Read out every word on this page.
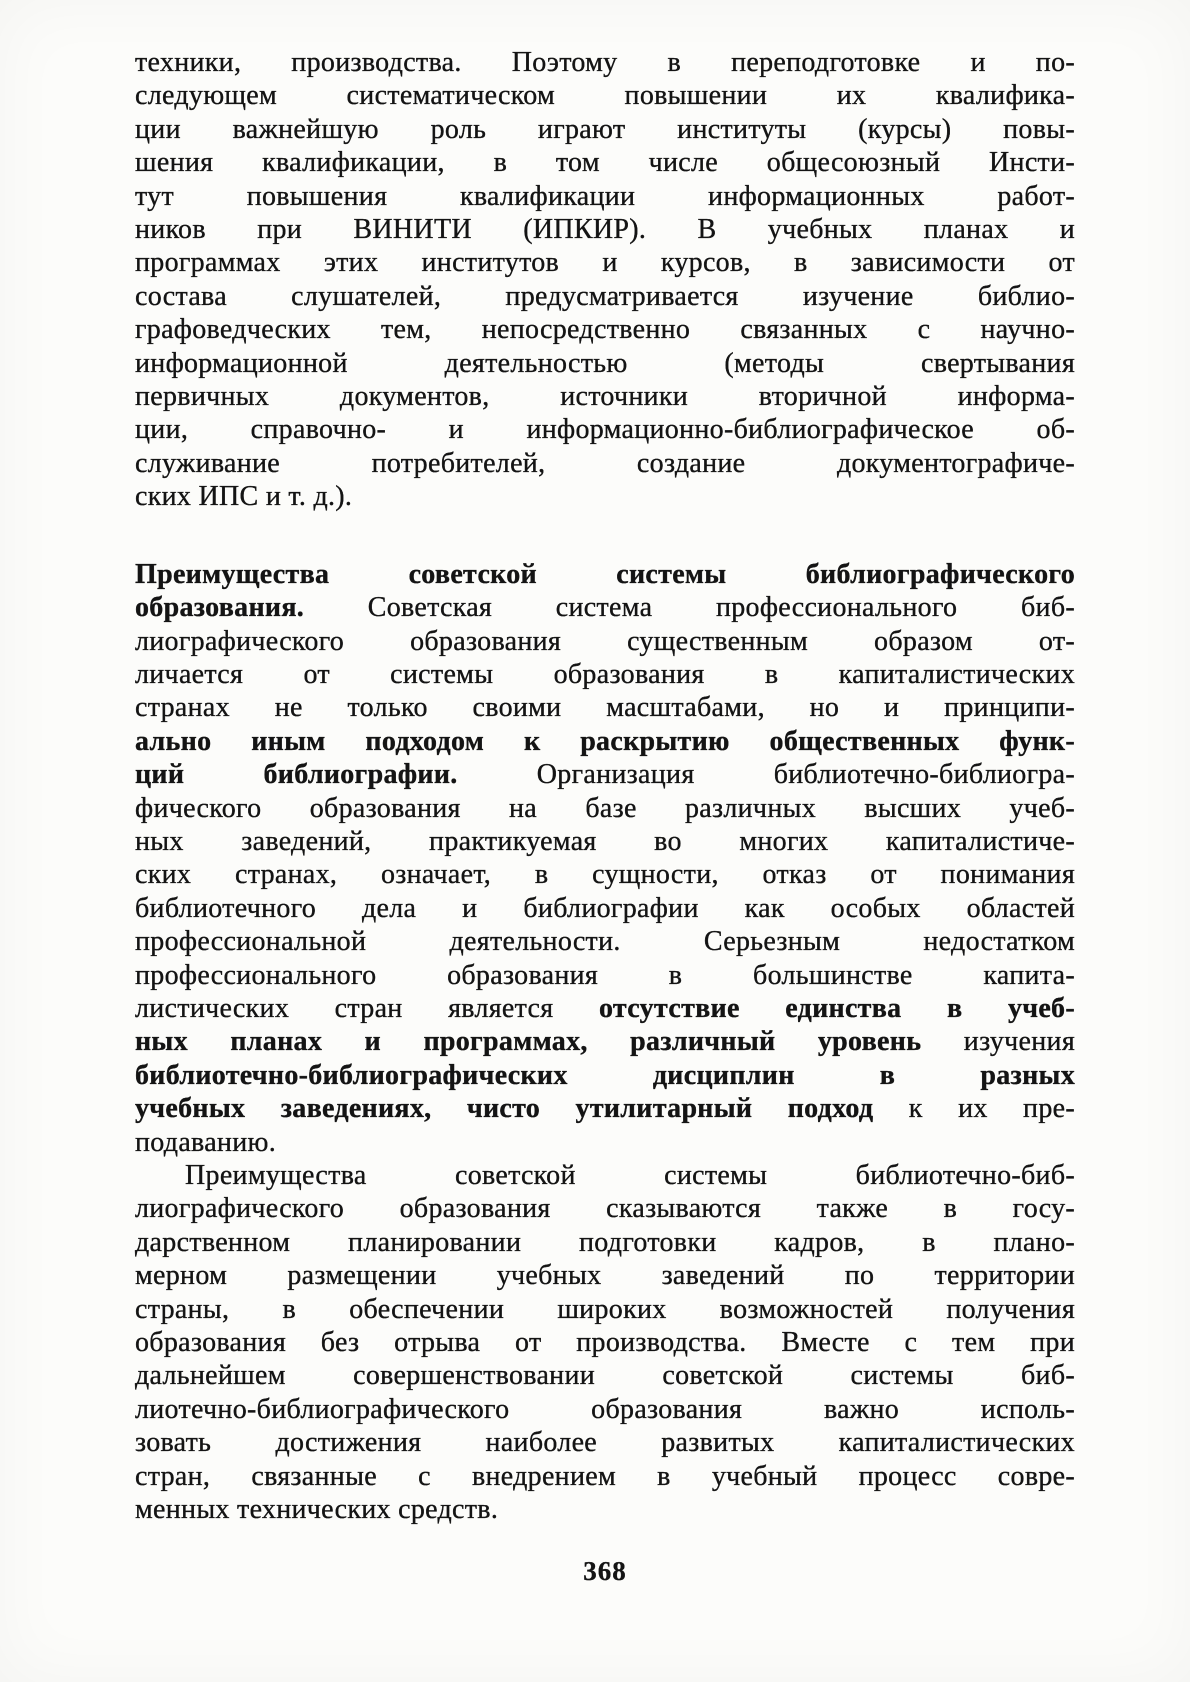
техники, производства. Поэтому в переподготовке и по-
следующем систематическом повышении их квалифика-
ции важнейшую роль играют институты (курсы) повы-
шения квалификации, в том числе общесоюзный Инсти-
тут повышения квалификации информационных работ-
ников при ВИНИТИ (ИПКИР). В учебных планах и
программах этих институтов и курсов, в зависимости от
состава слушателей, предусматривается изучение библио-
графоведческих тем, непосредственно связанных с научно-
информационной деятельностью (методы свертывания
первичных документов, источники вторичной информа-
ции, справочно- и информационно-библиографическое об-
служивание потребителей, создание документографиче-
ских ИПС и т. д.).
Преимущества советской системы библиографического
образования. Советская система профессионального биб-
лиографического образования существенным образом от-
личается от системы образования в капиталистических
странах не только своими масштабами, но и принципи-
ально иным подходом к раскрытию общественных функ-
ций библиографии. Организация библиотечно-библиогра-
фического образования на базе различных высших учеб-
ных заведений, практикуемая во многих капиталистиче-
ских странах, означает, в сущности, отказ от понимания
библиотечного дела и библиографии как особых областей
профессиональной деятельности. Серьезным недостатком
профессионального образования в большинстве капита-
листических стран является отсутствие единства в учеб-
ных планах и программах, различный уровень изучения
библиотечно-библиографических дисциплин в разных
учебных заведениях, чисто утилитарный подход к их пре-
подаванию.
Преимущества советской системы библиотечно-биб-
лиографического образования сказываются также в госу-
дарственном планировании подготовки кадров, в плано-
мерном размещении учебных заведений по территории
страны, в обеспечении широких возможностей получения
образования без отрыва от производства. Вместе с тем при
дальнейшем совершенствовании советской системы биб-
лиотечно-библиографического образования важно исполь-
зовать достижения наиболее развитых капиталистических
стран, связанные с внедрением в учебный процесс совре-
менных технических средств.
368
